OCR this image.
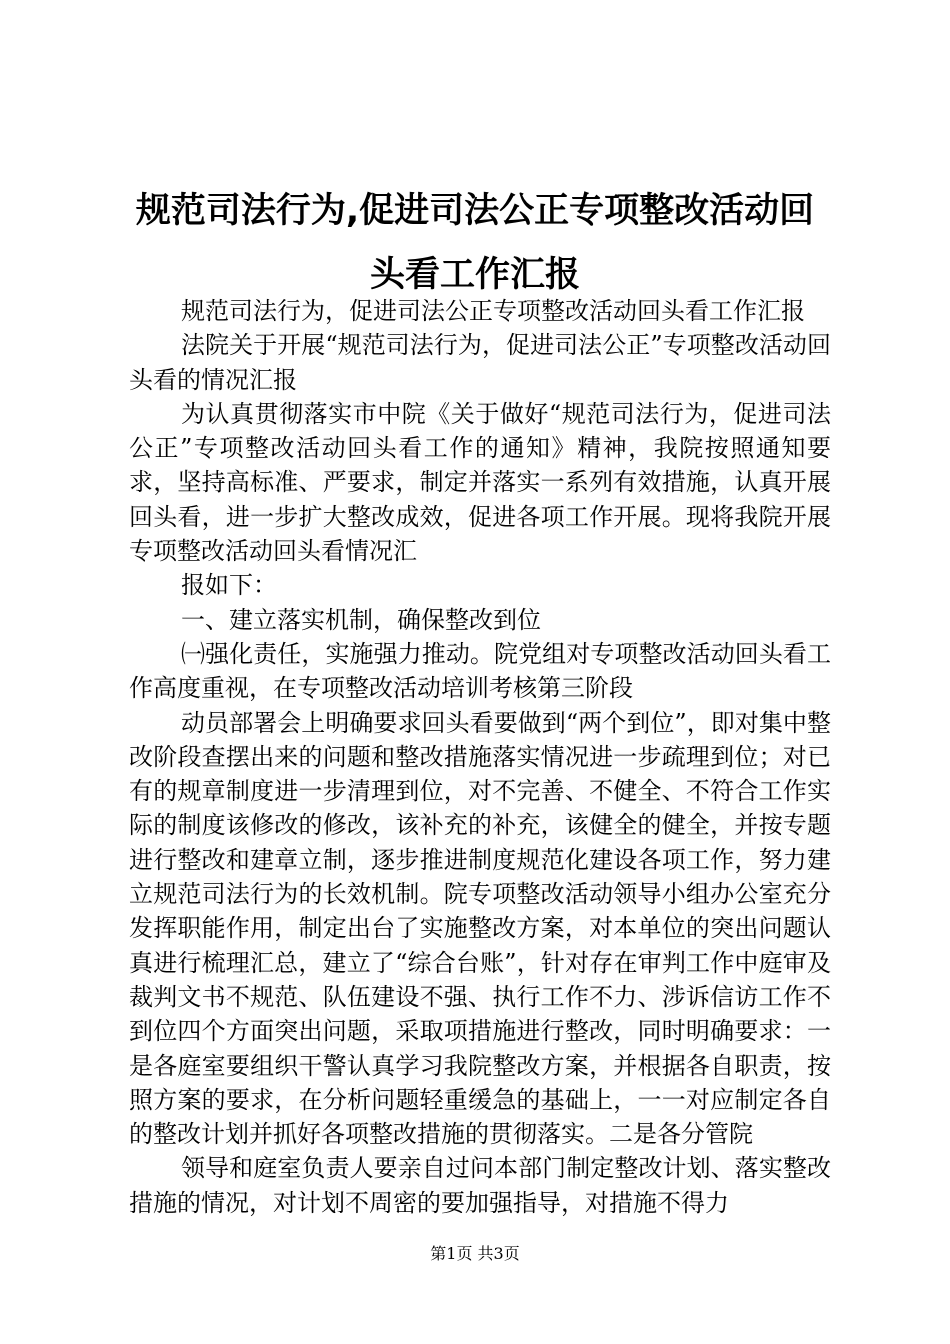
规范司法行为,促进司法公正专项整改活动回
头看工作汇报

规范司法行为，促进司法公正专项整改活动回头看工作汇报

法院关于开展“规范司法行为，促进司法公正”专项整改活动回头看的情况汇报

为认真贯彻落实市中院《关于做好“规范司法行为，促进司法公正”专项整改活动回头看工作的通知》精神，我院按照通知要求，坚持高标准、严要求，制定并落实一系列有效措施，认真开展回头看，进一步扩大整改成效，促进各项工作开展。现将我院开展专项整改活动回头看情况汇

报如下：

一、建立落实机制，确保整改到位

㈠强化责任，实施强力推动。院党组对专项整改活动回头看工作高度重视，在专项整改活动培训考核第三阶段

动员部署会上明确要求回头看要做到“两个到位”，即对集中整改阶段查摆出来的问题和整改措施落实情况进一步疏理到位；对已有的规章制度进一步清理到位，对不完善、不健全、不符合工作实际的制度该修改的修改，该补充的补充，该健全的健全，并按专题进行整改和建章立制，逐步推进制度规范化建设各项工作，努力建立规范司法行为的长效机制。院专项整改活动领导小组办公室充分发挥职能作用，制定出台了实施整改方案，对本单位的突出问题认真进行梳理汇总，建立了“综合台账”，针对存在审判工作中庭审及裁判文书不规范、队伍建设不强、执行工作不力、涉诉信访工作不到位四个方面突出问题，采取项措施进行整改，同时明确要求：一是各庭室要组织干警认真学习我院整改方案，并根据各自职责，按照方案的要求，在分析问题轻重缓急的基础上，一一对应制定各自的整改计划并抓好各项整改措施的贯彻落实。二是各分管院

领导和庭室负责人要亲自过问本部门制定整改计划、落实整改措施的情况，对计划不周密的要加强指导，对措施不得力

第1页 共3页
